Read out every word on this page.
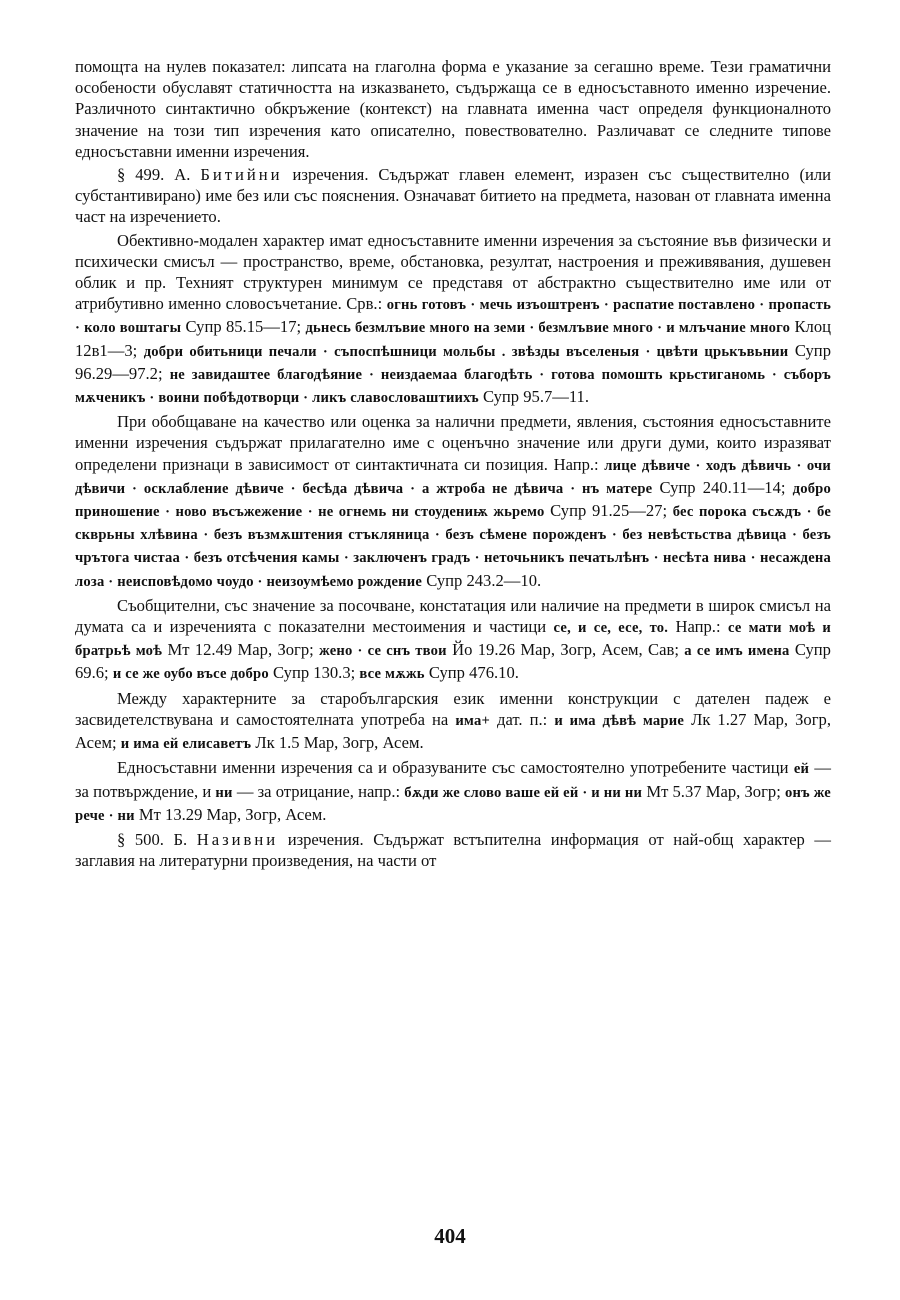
помощта на нулев показател: липсата на глаголна форма е указание за сегашно време. Тези граматични особености обуславят статичността на изказването, съдържаща се в едносъставното именно изречение. Различното синтактично обкръжение (контекст) на главната именна част определя функционалното значение на този тип изречения като описателно, повествователно. Различават се следните типове едносъставни именни изречения.

§ 499. А. Битийни изречения. Съдържат главен елемент, изразен със съществително (или субстантивирано) име без или със пояснения. Означават битието на предмета, назован от главната именна част на изречението.

Обективно-модален характер имат едносъставните именни изречения за състояние във физически и психически смисъл — пространство, време, обстановка, резултат, настроения и преживявания, душевен облик и пр. Техният структурен минимум се представя от абстрактно съществително име или от атрибутивно именно словосъчетание. Срв.: огнь готовъ · мечь изъоштренъ · распатие поставлено · пропасть · коло воштагы Супр 85.15—17; дьнесь безмлъвие много на земи · безмлъвие много · и млъчание много Клоц 12в1—3; добри обитьници печали · съпоспѣшници мольбы . звѣзды въселеныя · цвѣти црькъвьнии Супр 96.29—97.2; не завидаштее благодѣяние · неиздаемаа благодѣть · готова помошть крьстиганомь · съборъ мѫченикъ · воини побѣдотворци · ликъ славословаштиихъ Супр 95.7—11.

При обобщаване на качество или оценка за налични предмети, явления, състояния едносъставните именни изречения съдържат прилагателно име с оценъчно значение или други думи, които изразяват определени признаци в зависимост от синтактичната си позиция. Напр.: лице дѣвиче · ходъ дѣвичь · очи дѣвичи · осклабление дѣвиче · бесѣда дѣвича · а жтроба не дѣвича · нъ матере Супр 240.11—14; добро приношение · ново въсъжежение · не огнемь ни стоудениѭ жьремо Супр 91.25—27; бес порока съсѫдъ · бе скврьны хлѣвина · безъ възмѫштения стъкляница · безъ сѣмене порожденъ · без невѣстьства дѣвица · безъ чрътога чистаа · безъ отсѣчения камы · заключенъ градъ · неточьникъ печатьлѣнъ · несѣта нива · несаждена лоза · неисповѣдомо чоудо · неизоумѣемо рождение Супр 243.2—10.

Съобщителни, със значение за посочване, констатация или наличие на предмети в широк смисъл на думата са и изреченията с показателни местоимения и частици се, и се, есе, то. Напр.: се мати моѣ и братрьѣ моѣ Мт 12.49 Мар, Зогр; жено · се снъ твои Йо 19.26 Мар, Зогр, Асем, Сав; а се имъ имена Супр 69.6; и се же оубо въсе добро Супр 130.3; все мѫжь Супр 476.10.

Между характерните за старобългарския език именни конструкции с дателен падеж е засвидетелствувана и самостоятелната употреба на има+ дат. п.: и има дѣвѣ марие Лк 1.27 Мар, Зогр, Асем; и има ей елисаветъ Лк 1.5 Мар, Зогр, Асем.

Едносъставни именни изречения са и образуваните със самостоятелно употребените частици ей — за потвърждение, и ни — за отрицание, напр.: бѫди же слово ваше ей ей · и ни ни Мт 5.37 Мар, Зогр; онъ же рече · ни Мт 13.29 Мар, Зогр, Асем.

§ 500. Б. Називни изречения. Съдържат встъпителна информация от най-общ характер — заглавия на литературни произведения, на части от

404
